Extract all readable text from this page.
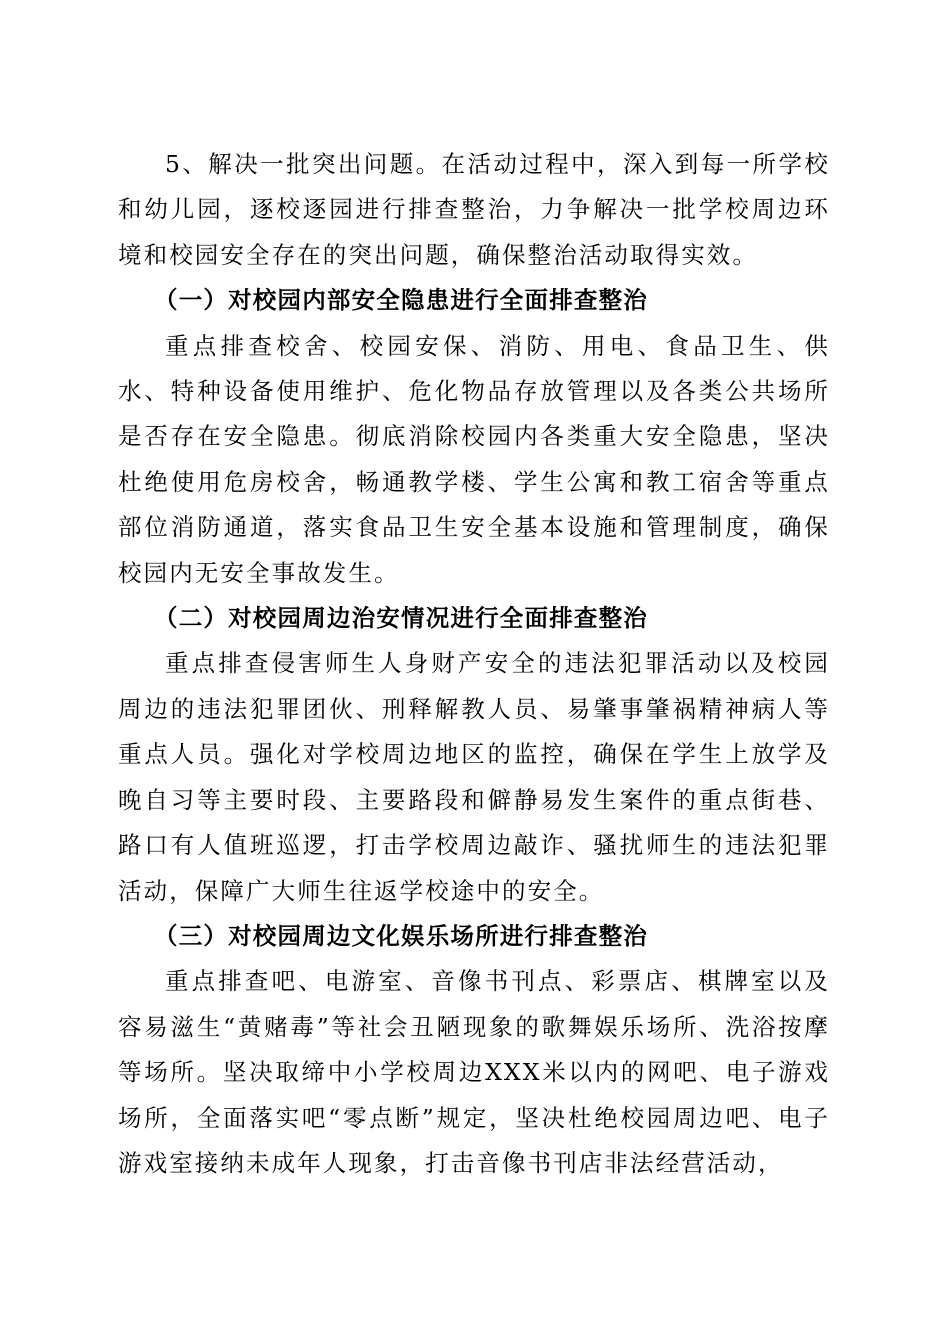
5、解决一批突出问题。在活动过程中，深入到每一所学校和幼儿园，逐校逐园进行排查整治，力争解决一批学校周边环境和校园安全存在的突出问题，确保整治活动取得实效。

（一）对校园内部安全隐患进行全面排查整治

重点排查校舍、校园安保、消防、用电、食品卫生、供水、特种设备使用维护、危化物品存放管理以及各类公共场所是否存在安全隐患。彻底消除校园内各类重大安全隐患，坚决杜绝使用危房校舍，畅通教学楼、学生公寓和教工宿舍等重点部位消防通道，落实食品卫生安全基本设施和管理制度，确保校园内无安全事故发生。

（二）对校园周边治安情况进行全面排查整治

重点排查侵害师生人身财产安全的违法犯罪活动以及校园周边的违法犯罪团伙、刑释解教人员、易肇事肇祸精神病人等重点人员。强化对学校周边地区的监控，确保在学生上放学及晚自习等主要时段、主要路段和僻静易发生案件的重点街巷、路口有人值班巡逻，打击学校周边敲诈、骚扰师生的违法犯罪活动，保障广大师生往返学校途中的安全。

（三）对校园周边文化娱乐场所进行排查整治

重点排查吧、电游室、音像书刊点、彩票店、棋牌室以及容易滋生“黄赌毒”等社会丑陋现象的歌舞娱乐场所、洗浴按摩等场所。坚决取缔中小学校周边XXX米以内的网吧、电子游戏场所，全面落实吧“零点断”规定，坚决杜绝校园周边吧、电子游戏室接纳未成年人现象，打击音像书刊店非法经营活动，
